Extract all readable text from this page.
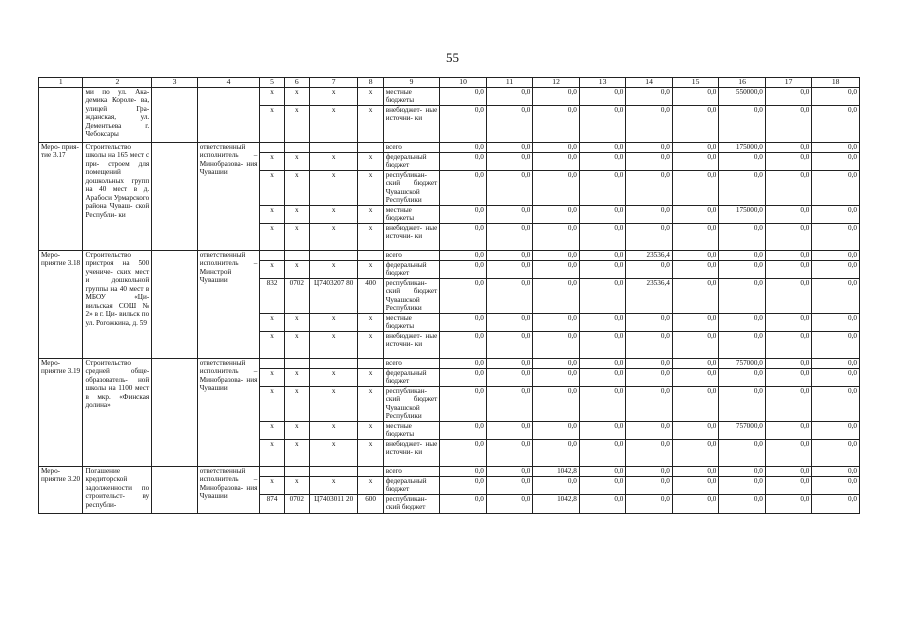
55
1	2	3	4	5	6	7	8	9	10	11	12	13	14	15	16	17	18
	ми по ул. Ака- демика Короле- ва, улицей Гра- жданская, ул. Дементьева г. Чебоксары			x	x	x	x	местные бюджеты	0,0	0,0	0,0	0,0	0,0	0,0	550000,0	0,0	0,0
				x	x	x	x	внебюджет- ные источни- ки	0,0	0,0	0,0	0,0	0,0	0,0	0,0	0,0	0,0
Меро- прия- тие 3.17	Строительство школы на 165 мест с при- строем для помещений дошкольных групп на 40 мест в д. Арабоси Урмарского района Чуваш- ской Республи- ки		ответственный исполнитель – Минобразова- ния Чувашии					всего	0,0	0,0	0,0	0,0	0,0	0,0	175000,0	0,0	0,0
				x	x	x	x	федеральный бюджет	0,0	0,0	0,0	0,0	0,0	0,0	0,0	0,0	0,0
				x	x	x	x	республикан- ский бюджет Чувашской Республики	0,0	0,0	0,0	0,0	0,0	0,0	0,0	0,0	0,0
				x	x	x	x	местные бюджеты	0,0	0,0	0,0	0,0	0,0	0,0	175000,0	0,0	0,0
				x	x	x	x	внебюджет- ные источни- ки	0,0	0,0	0,0	0,0	0,0	0,0	0,0	0,0	0,0
Меро- приятие 3.18	Строительство пристроя на 500 учениче- ских мест и дошкольной группы на 40 мест в МБОУ «Ци- вильская СОШ № 2» в г. Ци- вильск по ул. Рогожкина, д. 59		ответственный исполнитель – Минстрой Чувашии					всего	0,0	0,0	0,0	0,0	23536,4	0,0	0,0	0,0	0,0
				x	x	x	x	федеральный бюджет	0,0	0,0	0,0	0,0	0,0	0,0	0,0	0,0	0,0
				832	0702	Ц7403207 80	400	республикан- ский бюджет Чувашской Республики	0,0	0,0	0,0	0,0	23536,4	0,0	0,0	0,0	0,0
				x	x	x	x	местные бюджеты	0,0	0,0	0,0	0,0	0,0	0,0	0,0	0,0	0,0
				x	x	x	x	внебюджет- ные источни- ки	0,0	0,0	0,0	0,0	0,0	0,0	0,0	0,0	0,0
Меро- приятие 3.19	Строительство средней обще- образователь- ной школы на 1100 мест в мкр. «Финская долина»		ответственный исполнитель – Минобразова- ния Чувашии					всего	0,0	0,0	0,0	0,0	0,0	0,0	757000,0	0,0	0,0
				x	x	x	x	федеральный бюджет	0,0	0,0	0,0	0,0	0,0	0,0	0,0	0,0	0,0
				x	x	x	x	республикан- ский бюджет Чувашской Республики	0,0	0,0	0,0	0,0	0,0	0,0	0,0	0,0	0,0
				x	x	x	x	местные бюджеты	0,0	0,0	0,0	0,0	0,0	0,0	757000,0	0,0	0,0
				x	x	x	x	внебюджет- ные источни- ки	0,0	0,0	0,0	0,0	0,0	0,0	0,0	0,0	0,0
Меро- приятие 3.20	Погашение кредиторской задолженности по строительст- ву республи-		ответственный исполнитель – Минобразова- ния Чувашии					всего	0,0	0,0	1042,8	0,0	0,0	0,0	0,0	0,0	0,0
				x	x	x	x	федеральный бюджет	0,0	0,0	0,0	0,0	0,0	0,0	0,0	0,0	0,0
				874	0702	Ц7403011 20	600	республикан- ский бюджет	0,0	0,0	1042,8	0,0	0,0	0,0	0,0	0,0	0,0
